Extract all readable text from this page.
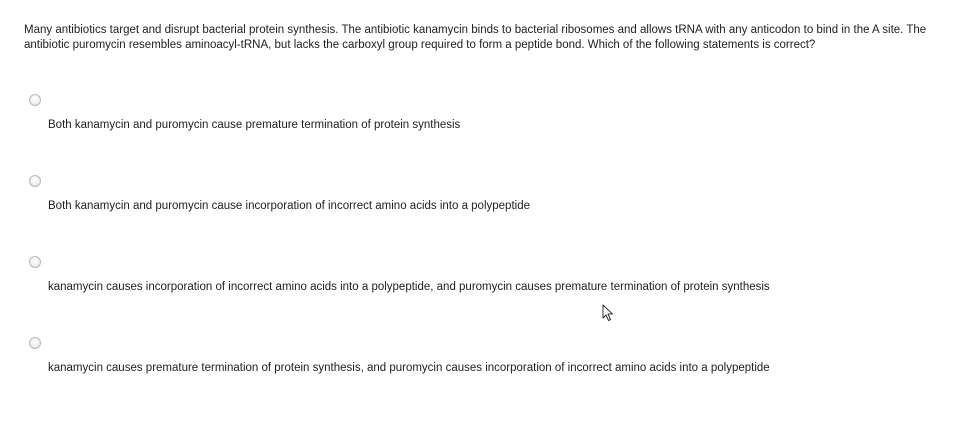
Many antibiotics target and disrupt bacterial protein synthesis. The antibiotic kanamycin binds to bacterial ribosomes and allows tRNA with any anticodon to bind in the A site. The antibiotic puromycin resembles aminoacyl-tRNA, but lacks the carboxyl group required to form a peptide bond. Which of the following statements is correct?

Both kanamycin and puromycin cause premature termination of protein synthesis
Both kanamycin and puromycin cause incorporation of incorrect amino acids into a polypeptide
kanamycin causes incorporation of incorrect amino acids into a polypeptide, and puromycin causes premature termination of protein synthesis
kanamycin causes premature termination of protein synthesis, and puromycin causes incorporation of incorrect amino acids into a polypeptide
